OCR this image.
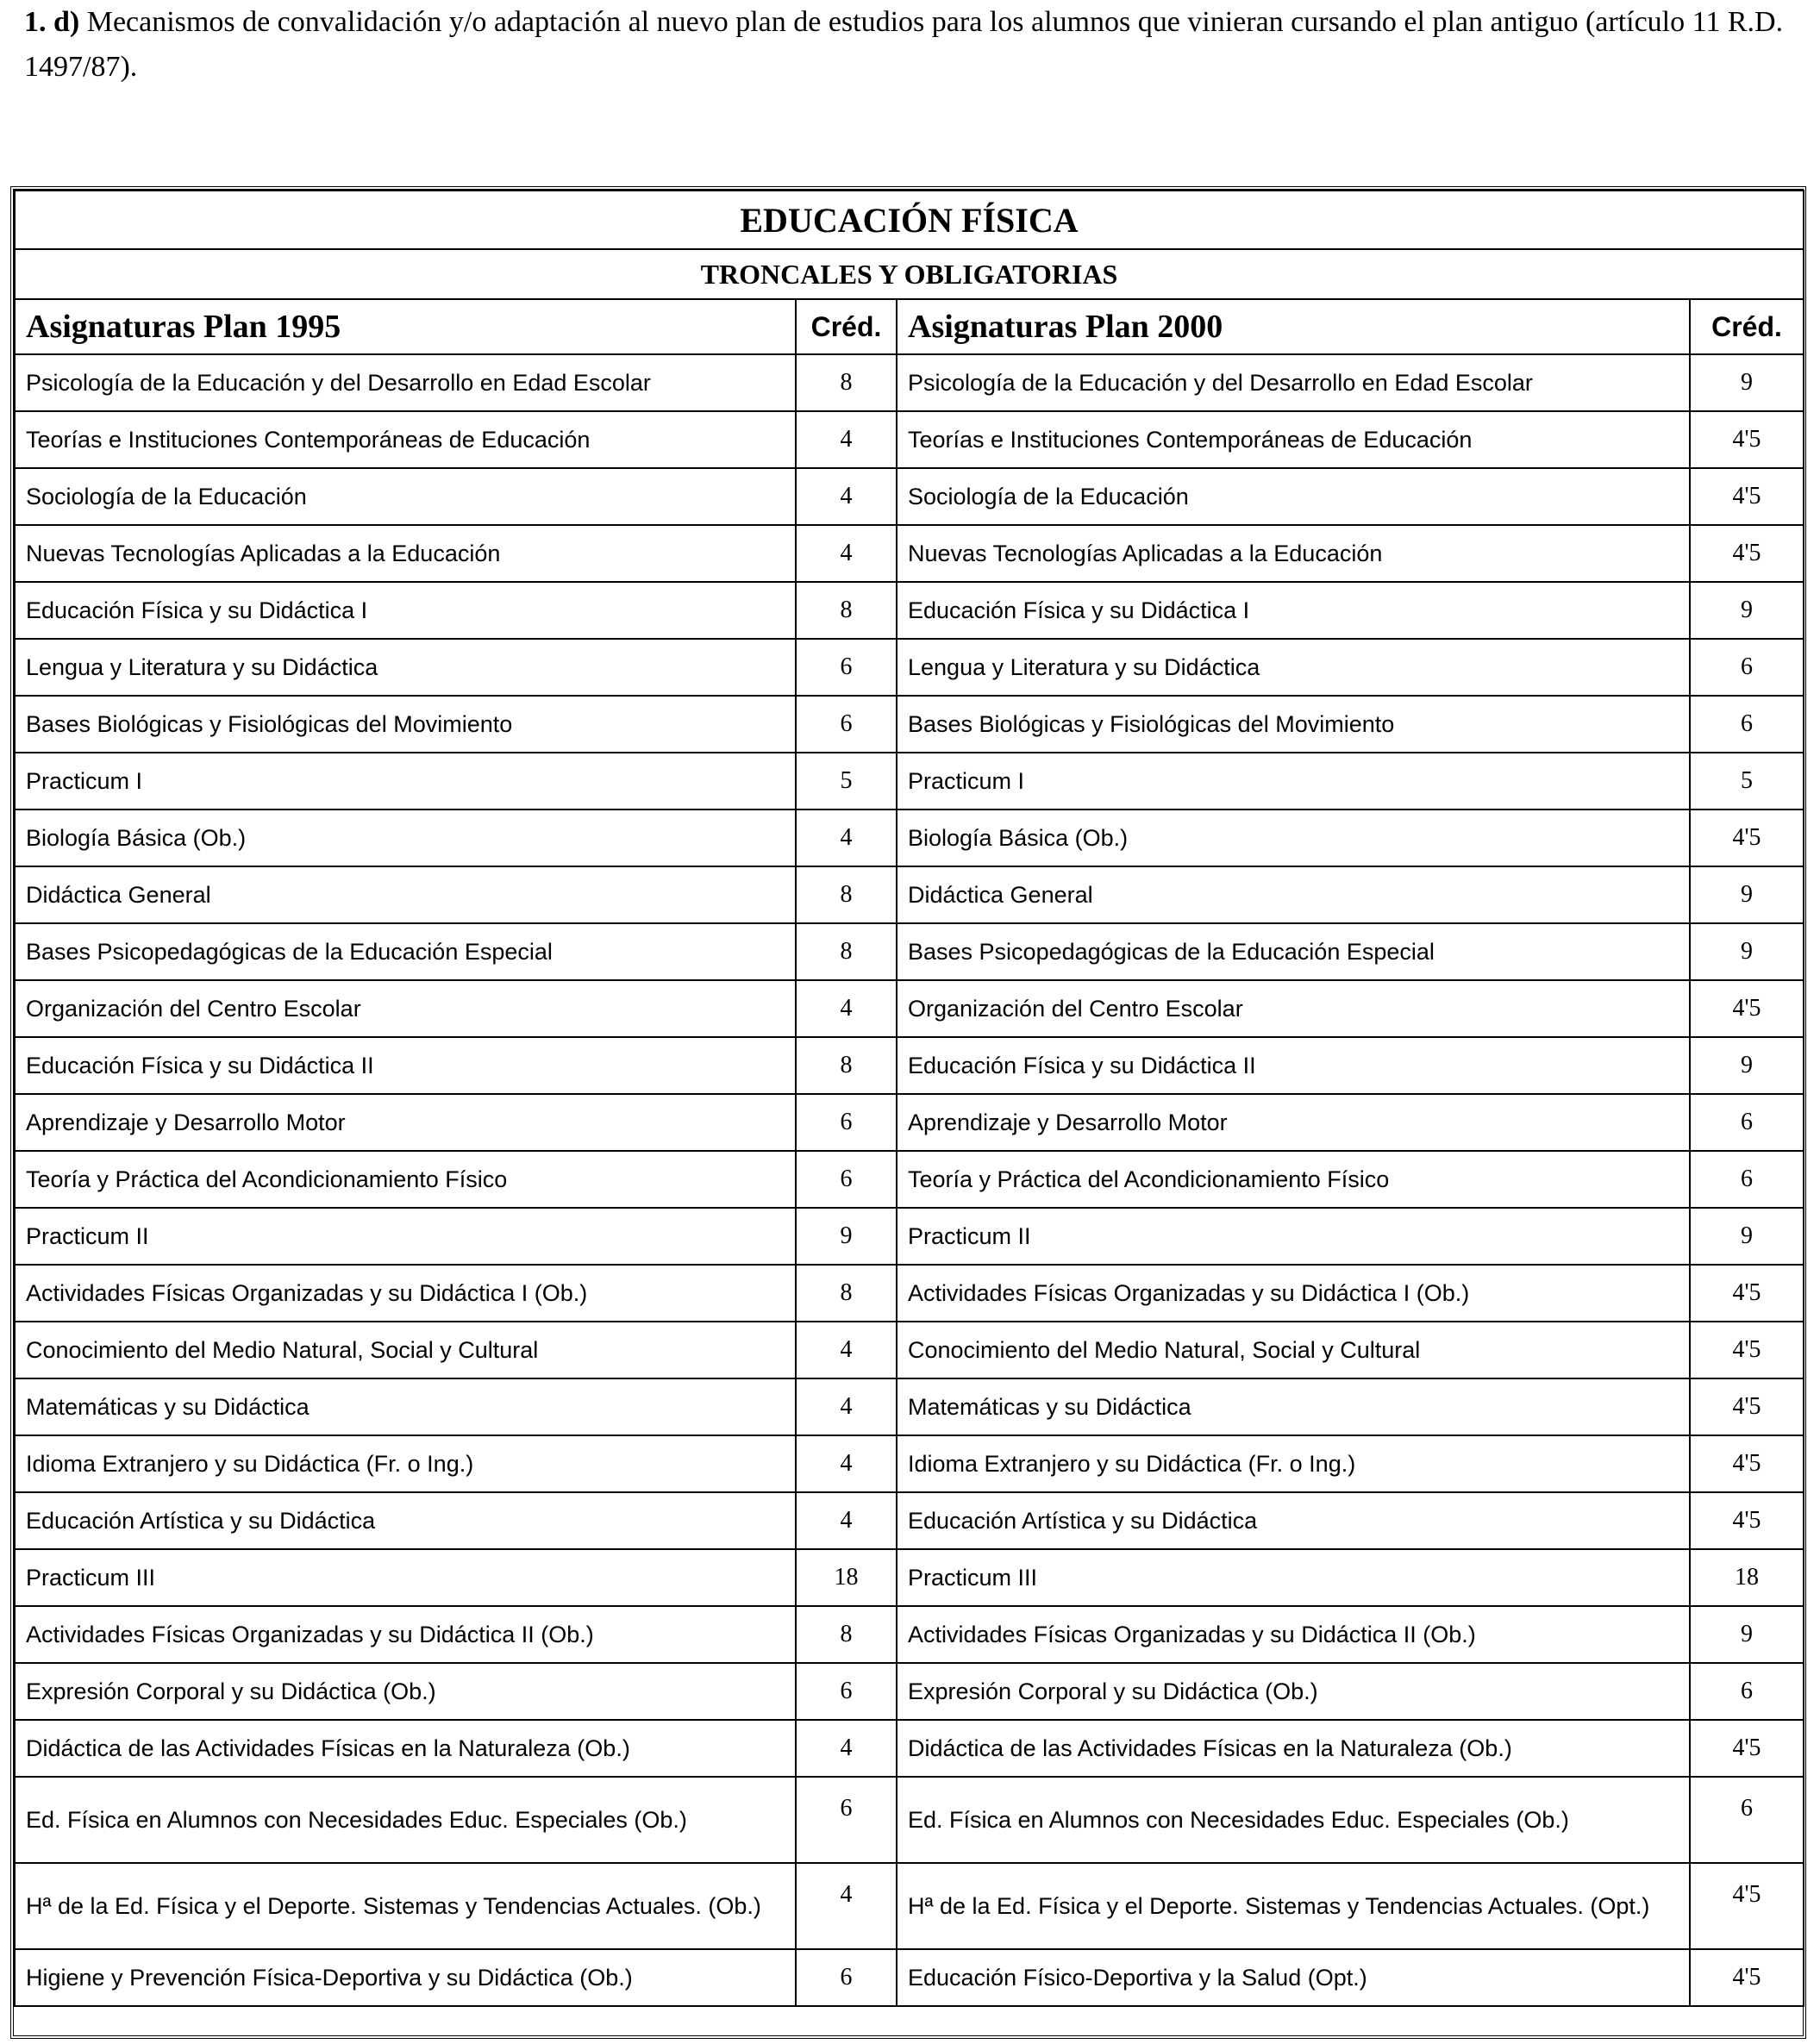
1. d) Mecanismos de convalidación y/o adaptación al nuevo plan de estudios para los alumnos que vinieran cursando el plan antiguo (artículo 11 R.D. 1497/87).
EDUCACIÓN FÍSICA			
TRONCALES Y OBLIGATORIAS			
Asignaturas Plan 1995	Créd.	Asignaturas Plan 2000	Créd.
Psicología de la Educación y del Desarrollo en Edad Escolar	8	Psicología de la Educación y del Desarrollo en Edad Escolar	9
Teorías e Instituciones Contemporáneas de Educación	4	Teorías e Instituciones Contemporáneas de Educación	4'5
Sociología de la Educación	4	Sociología de la Educación	4'5
Nuevas Tecnologías Aplicadas a la Educación	4	Nuevas Tecnologías Aplicadas a la Educación	4'5
Educación Física y su Didáctica I	8	Educación Física y su Didáctica I	9
Lengua y Literatura y su Didáctica	6	Lengua y Literatura y su Didáctica	6
Bases Biológicas y Fisiológicas del Movimiento	6	Bases Biológicas y Fisiológicas del Movimiento	6
Practicum I	5	Practicum I	5
Biología Básica (Ob.)	4	Biología Básica (Ob.)	4'5
Didáctica General	8	Didáctica General	9
Bases Psicopedagógicas de la Educación Especial	8	Bases Psicopedagógicas de la Educación Especial	9
Organización del Centro Escolar	4	Organización del Centro Escolar	4'5
Educación Física y su Didáctica II	8	Educación Física y su Didáctica II	9
Aprendizaje y Desarrollo Motor	6	Aprendizaje y Desarrollo Motor	6
Teoría y Práctica del Acondicionamiento Físico	6	Teoría y Práctica del Acondicionamiento Físico	6
Practicum II	9	Practicum II	9
Actividades Físicas Organizadas y su Didáctica I (Ob.)	8	Actividades Físicas Organizadas y su Didáctica I (Ob.)	4'5
Conocimiento del Medio Natural, Social y Cultural	4	Conocimiento del Medio Natural, Social y Cultural	4'5
Matemáticas y su Didáctica	4	Matemáticas y su Didáctica	4'5
Idioma Extranjero y su Didáctica (Fr. o Ing.)	4	Idioma Extranjero y su Didáctica (Fr. o Ing.)	4'5
Educación Artística y su Didáctica	4	Educación Artística y su Didáctica	4'5
Practicum III	18	Practicum III	18
Actividades Físicas Organizadas y su Didáctica II (Ob.)	8	Actividades Físicas Organizadas y su Didáctica II (Ob.)	9
Expresión Corporal y su Didáctica (Ob.)	6	Expresión Corporal y su Didáctica (Ob.)	6
Didáctica de las Actividades Físicas en la Naturaleza (Ob.)	4	Didáctica de las Actividades Físicas en la Naturaleza (Ob.)	4'5
Ed. Física en Alumnos con Necesidades Educ. Especiales (Ob.)	6	Ed. Física en Alumnos con Necesidades Educ. Especiales (Ob.)	6
Hª de la Ed. Física y el Deporte. Sistemas y Tendencias Actuales. (Ob.)	4	Hª de la Ed. Física y el Deporte. Sistemas y Tendencias Actuales. (Opt.)	4'5
Higiene y Prevención Física-Deportiva y su Didáctica (Ob.)	6	Educación Físico-Deportiva y la Salud (Opt.)	4'5
